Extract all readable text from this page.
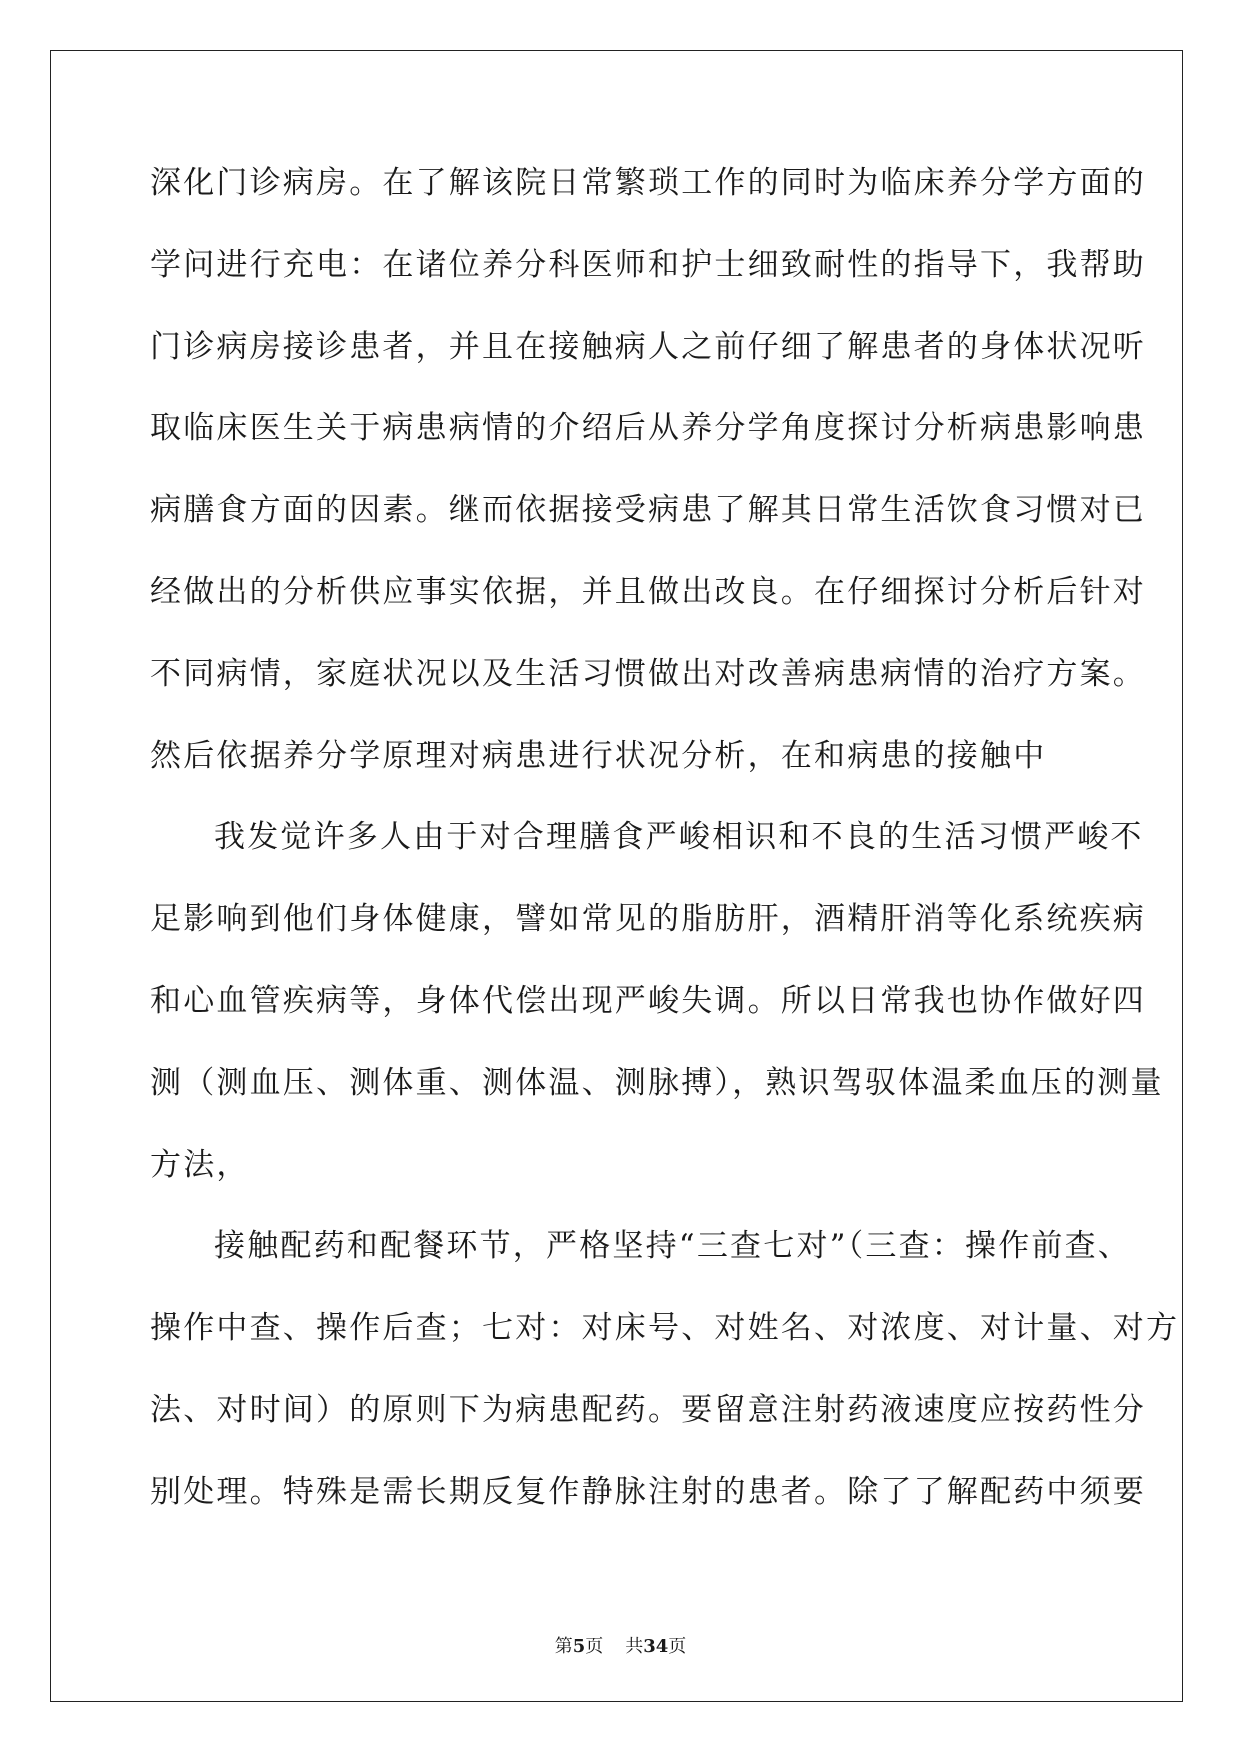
深化门诊病房。在了解该院日常繁琐工作的同时为临床养分学方面的
学问进行充电：在诸位养分科医师和护士细致耐性的指导下，我帮助
门诊病房接诊患者，并且在接触病人之前仔细了解患者的身体状况听
取临床医生关于病患病情的介绍后从养分学角度探讨分析病患影响患
病膳食方面的因素。继而依据接受病患了解其日常生活饮食习惯对已
经做出的分析供应事实依据，并且做出改良。在仔细探讨分析后针对
不同病情，家庭状况以及生活习惯做出对改善病患病情的治疗方案。
然后依据养分学原理对病患进行状况分析，在和病患的接触中
我发觉许多人由于对合理膳食严峻相识和不良的生活习惯严峻不
足影响到他们身体健康，譬如常见的脂肪肝，酒精肝消等化系统疾病
和心血管疾病等，身体代偿出现严峻失调。所以日常我也协作做好四
测（测血压、测体重、测体温、测脉搏），熟识驾驭体温柔血压的测量
方法，
接触配药和配餐环节，严格坚持“三查七对”（三查：操作前查、
操作中查、操作后查；七对：对床号、对姓名、对浓度、对计量、对方
法、对时间）的原则下为病患配药。要留意注射药液速度应按药性分
别处理。特殊是需长期反复作静脉注射的患者。除了了解配药中须要
第5页 共34页
